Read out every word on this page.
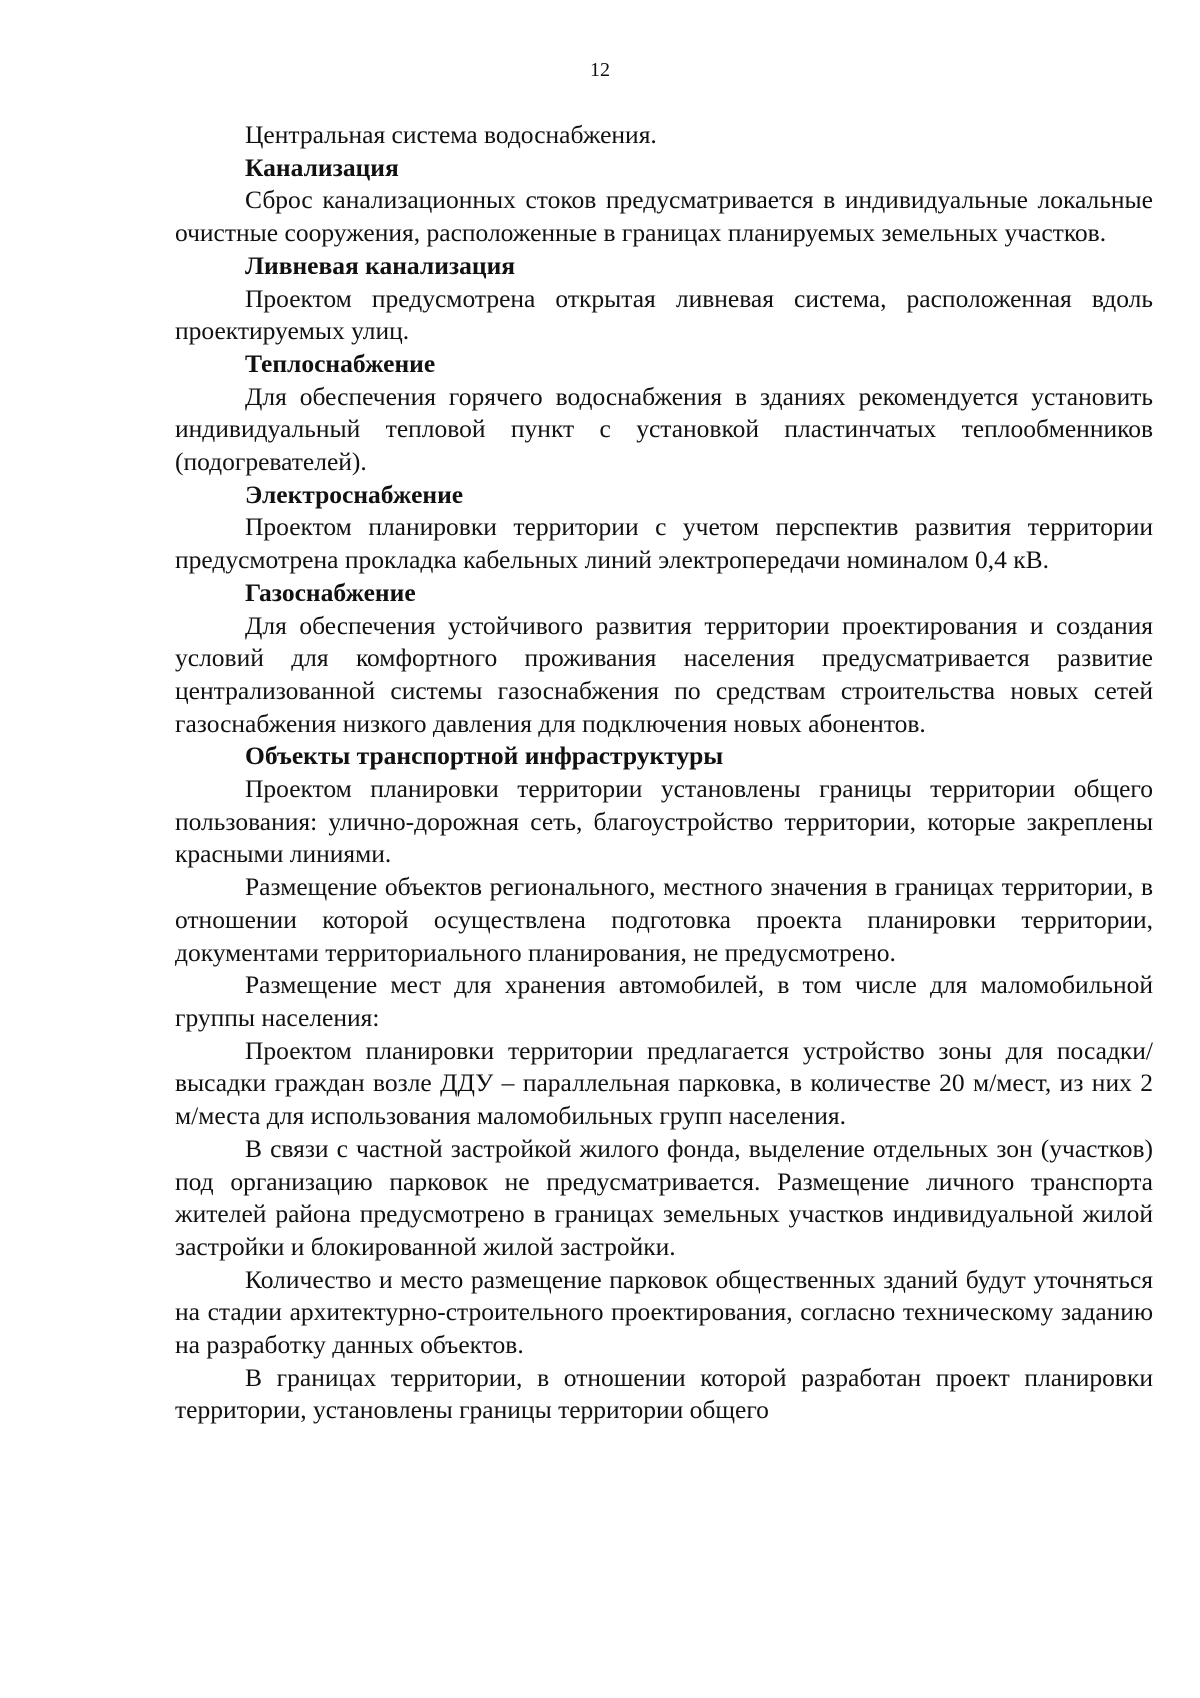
12

Центральная система водоснабжения.

Канализация

Сброс канализационных стоков предусматривается в индивидуальные локальные очистные сооружения, расположенные в границах планируемых земельных участков.

Ливневая канализация

Проектом предусмотрена открытая ливневая система, расположенная вдоль проектируемых улиц.

Теплоснабжение

Для обеспечения горячего водоснабжения в зданиях рекомендуется установить индивидуальный тепловой пункт с установкой пластинчатых теплообменников (подогревателей).

Электроснабжение

Проектом планировки территории с учетом перспектив развития территории предусмотрена прокладка кабельных линий электропередачи номиналом 0,4 кВ.

Газоснабжение

Для обеспечения устойчивого развития территории проектирования и создания условий для комфортного проживания населения предусматривается развитие централизованной системы газоснабжения по средствам строительства новых сетей газоснабжения низкого давления для подключения новых абонентов.

Объекты транспортной инфраструктуры

Проектом планировки территории установлены границы территории общего пользования: улично-дорожная сеть, благоустройство территории, которые закреплены красными линиями.

Размещение объектов регионального, местного значения в границах территории, в отношении которой осуществлена подготовка проекта планировки территории, документами территориального планирования, не предусмотрено.

Размещение мест для хранения автомобилей, в том числе для маломобильной группы населения:

Проектом планировки территории предлагается устройство зоны для посадки/высадки граждан возле ДДУ – параллельная парковка, в количестве 20 м/мест, из них 2 м/места для использования маломобильных групп населения.

В связи с частной застройкой жилого фонда, выделение отдельных зон (участков) под организацию парковок не предусматривается. Размещение личного транспорта жителей района предусмотрено в границах земельных участков индивидуальной жилой застройки и блокированной жилой застройки.

Количество и место размещение парковок общественных зданий будут уточняться на стадии архитектурно-строительного проектирования, согласно техническому заданию на разработку данных объектов.

В границах территории, в отношении которой разработан проект планировки территории, установлены границы территории общего
